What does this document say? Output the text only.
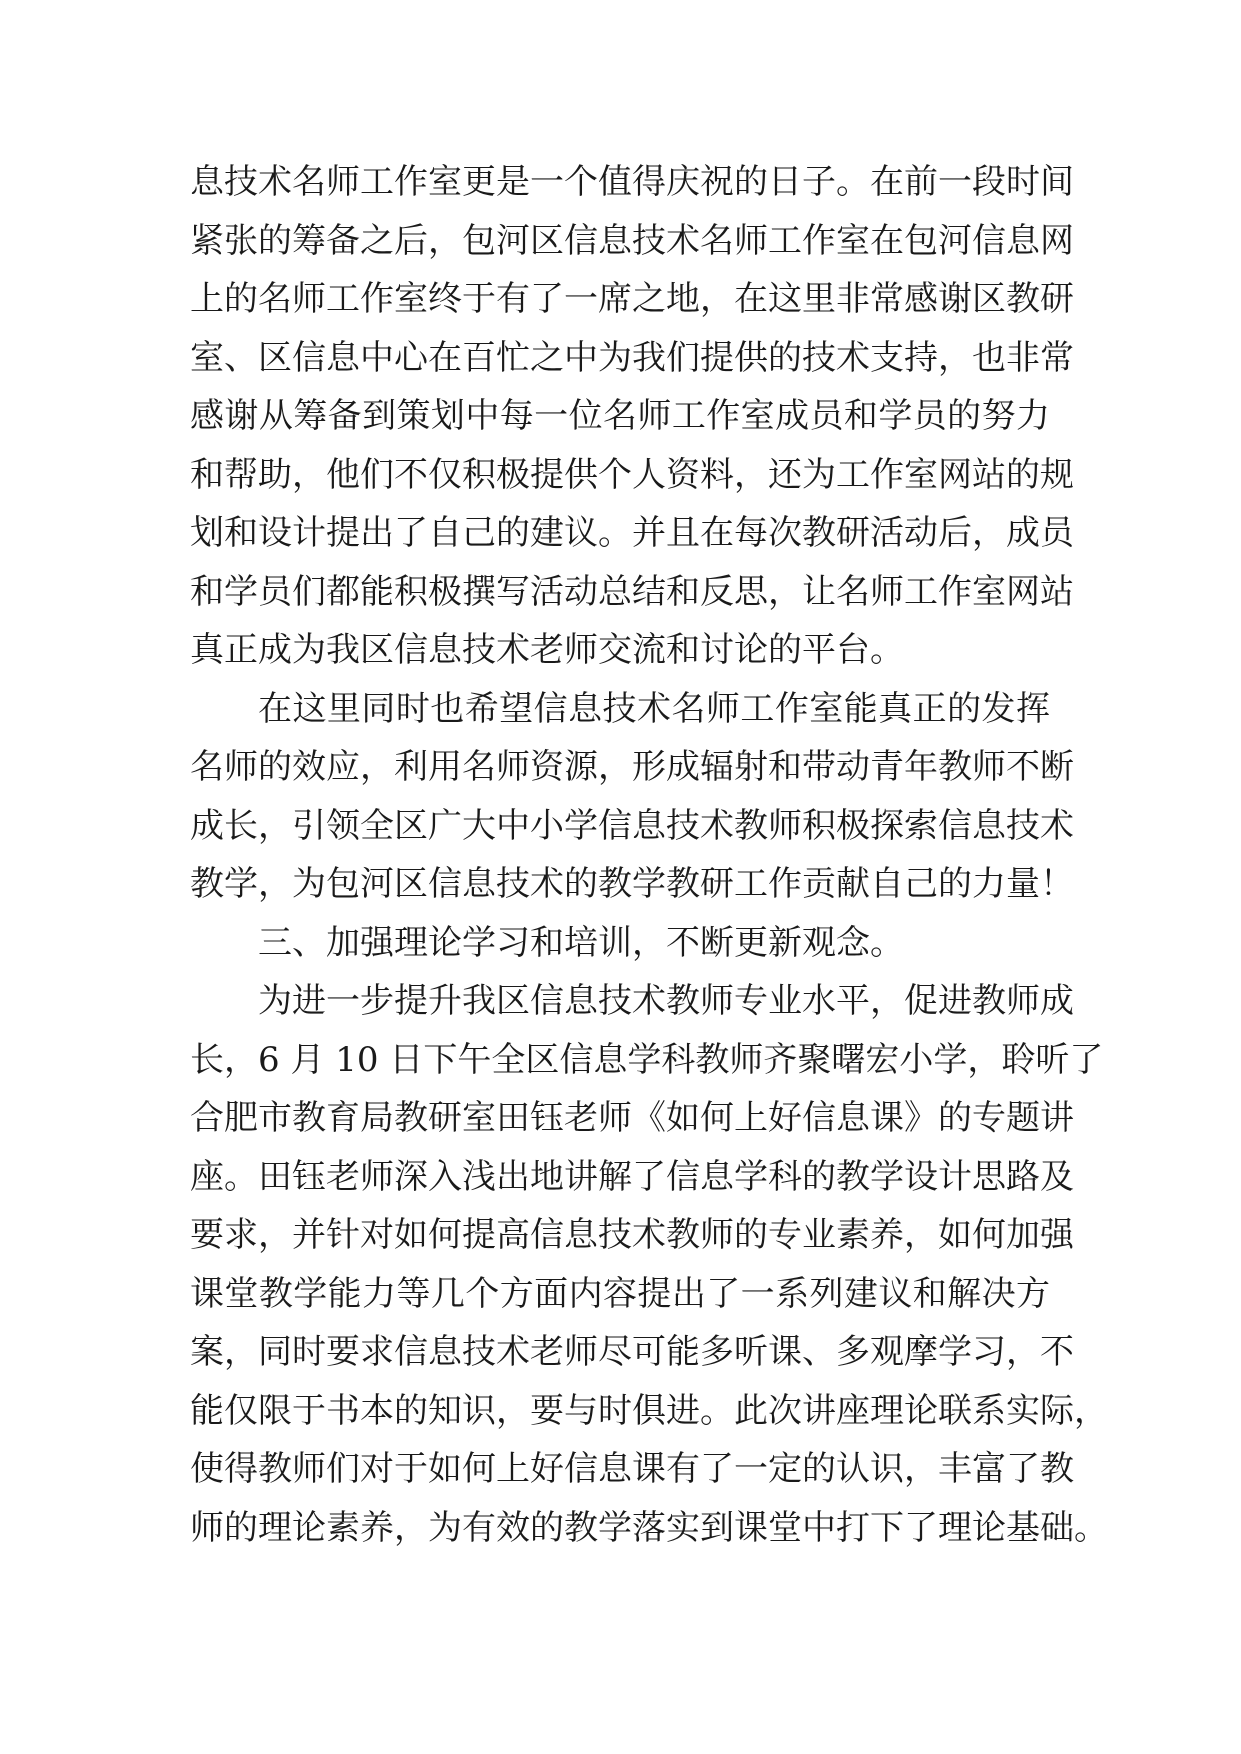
息技术名师工作室更是一个值得庆祝的日子。在前一段时间
紧张的筹备之后，包河区信息技术名师工作室在包河信息网
上的名师工作室终于有了一席之地，在这里非常感谢区教研
室、区信息中心在百忙之中为我们提供的技术支持，也非常
感谢从筹备到策划中每一位名师工作室成员和学员的努力
和帮助，他们不仅积极提供个人资料，还为工作室网站的规
划和设计提出了自己的建议。并且在每次教研活动后，成员
和学员们都能积极撰写活动总结和反思，让名师工作室网站
真正成为我区信息技术老师交流和讨论的平台。
在这里同时也希望信息技术名师工作室能真正的发挥
名师的效应，利用名师资源，形成辐射和带动青年教师不断
成长，引领全区广大中小学信息技术教师积极探索信息技术
教学，为包河区信息技术的教学教研工作贡献自己的力量！
三、加强理论学习和培训，不断更新观念。
为进一步提升我区信息技术教师专业水平，促进教师成
长，6 月 10 日下午全区信息学科教师齐聚曙宏小学，聆听了
合肥市教育局教研室田钰老师《如何上好信息课》的专题讲
座。田钰老师深入浅出地讲解了信息学科的教学设计思路及
要求，并针对如何提高信息技术教师的专业素养，如何加强
课堂教学能力等几个方面内容提出了一系列建议和解决方
案，同时要求信息技术老师尽可能多听课、多观摩学习，不
能仅限于书本的知识，要与时俱进。此次讲座理论联系实际，
使得教师们对于如何上好信息课有了一定的认识，丰富了教
师的理论素养，为有效的教学落实到课堂中打下了理论基础。
